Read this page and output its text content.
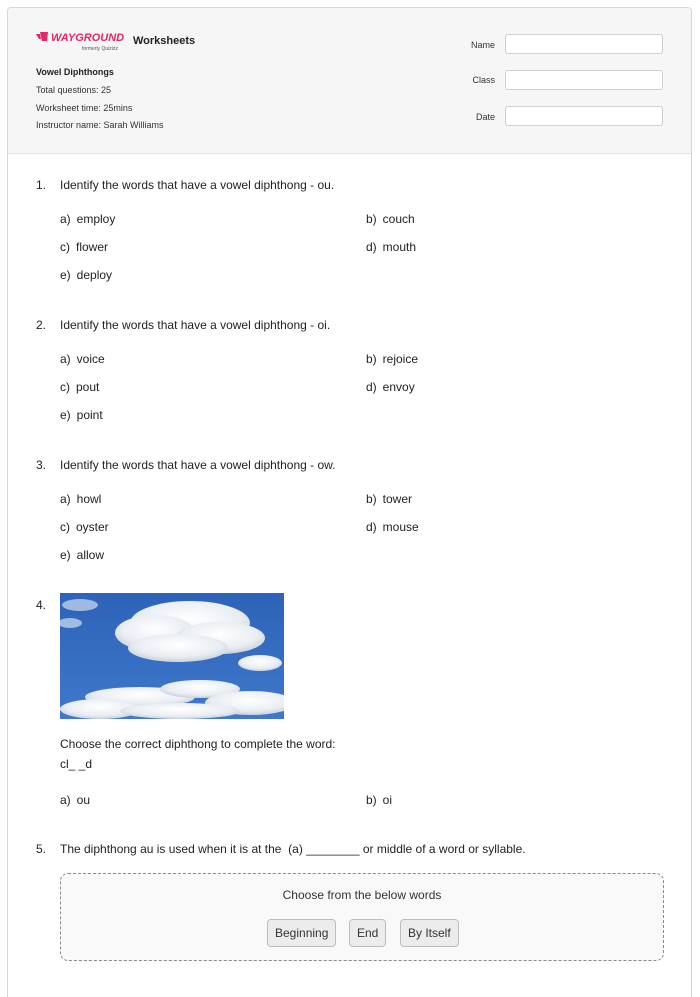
WAYGROUND
formerly Quizizz
Worksheets
Vowel Diphthongs
Total questions: 25
Worksheet time: 25mins
Instructor name: Sarah Williams
Name
Class
Date
1. Identify the words that have a vowel diphthong - ou.
a) employ	b) couch
c) flower	d) mouth
e) deploy
2. Identify the words that have a vowel diphthong - oi.
a) voice	b) rejoice
c) pout	d) envoy
e) point
3. Identify the words that have a vowel diphthong - ow.
a) howl	b) tower
c) oyster	d) mouse
e) allow
4.
Choose the correct diphthong to complete the word:
cl_ _d
a) ou	b) oi
5. The diphthong au is used when it is at the  (a) ________ or middle of a word or syllable.
Choose from the below words
Beginning	End	By Itself
